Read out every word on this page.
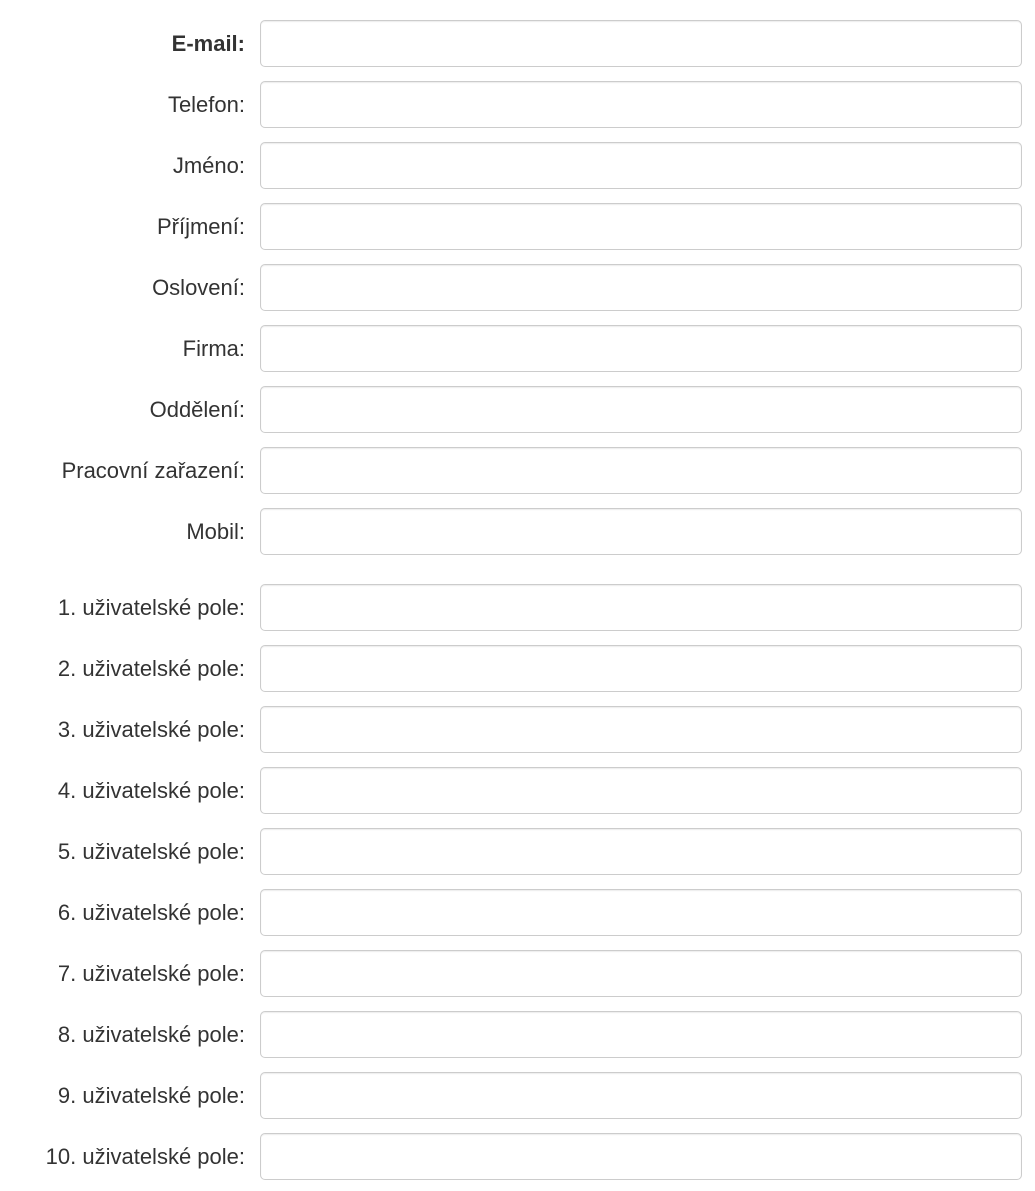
E-mail:
Telefon:
Jméno:
Příjmení:
Oslovení:
Firma:
Oddělení:
Pracovní zařazení:
Mobil:
1. uživatelské pole:
2. uživatelské pole:
3. uživatelské pole:
4. uživatelské pole:
5. uživatelské pole:
6. uživatelské pole:
7. uživatelské pole:
8. uživatelské pole:
9. uživatelské pole:
10. uživatelské pole:
